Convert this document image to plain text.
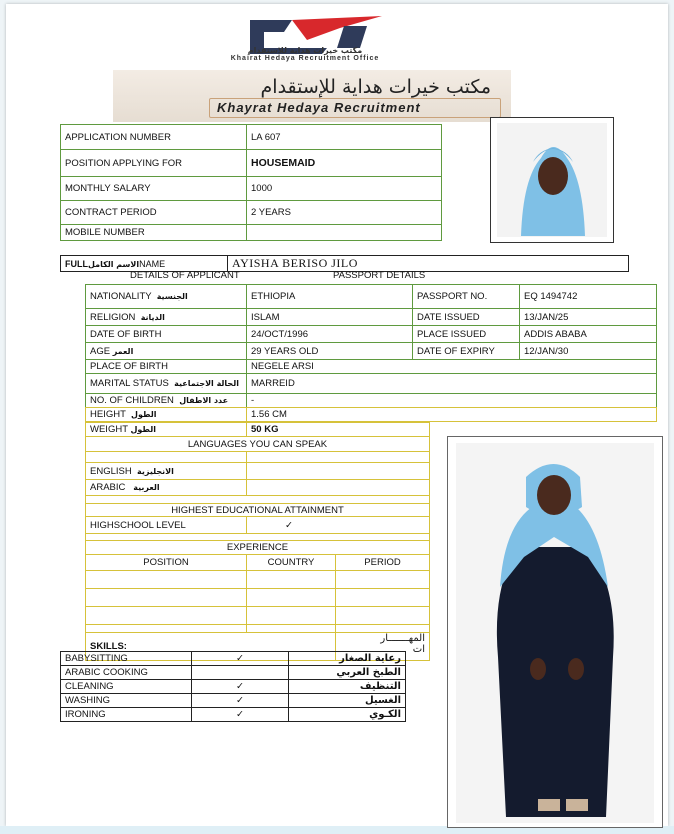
مكتب خيرات هداية للاستقدام
Khairat Hedaya Recruitment Office
مكتب خيرات هداية للإستقدام
Khayrat Hedaya Recruitment
APPLICATION NUMBER	LA 607
POSITION APPLYING FOR	HOUSEMAID
MONTHLY SALARY	1000
CONTRACT PERIOD	2 YEARS
MOBILE NUMBER	
FULLالاسم الكاملNAME	AYISHA BERISO JILO
DETAILS OF APPLICANT	PASSPORT DETAILS
NATIONALITY الجنسية	ETHIOPIA	PASSPORT NO.	EQ 1494742
RELIGION الديانة	ISLAM	DATE ISSUED	13/JAN/25
DATE OF BIRTH	24/OCT/1996	PLACE ISSUED	ADDIS ABABA
AGE العمر	29 YEARS OLD	DATE OF EXPIRY	12/JAN/30
PLACE OF BIRTH	NEGELE ARSI		
MARITAL STATUS الحالة الاجتماعية	MARREID		
NO. OF CHILDREN عدد الاطفال	-		
HEIGHT الطول	1.56 CM
WEIGHT الطول	50 KG	
LANGUAGES YOU CAN SPEAK		

ENGLISH الانجليزية		
ARABIC العربية		

HIGHEST EDUCATIONAL ATTAINMENT		
HIGHSCHOOL LEVEL	✓	

EXPERIENCE		
POSITION	COUNTRY	PERIOD

SKILLS:		المهـــــــار
ات
BABYSITTING	✓	رعاية الصغار
ARABIC COOKING		الطبخ العربي
CLEANING	✓	التنظيف
WASHING	✓	الغسيل
IRONING	✓	الكـوي
